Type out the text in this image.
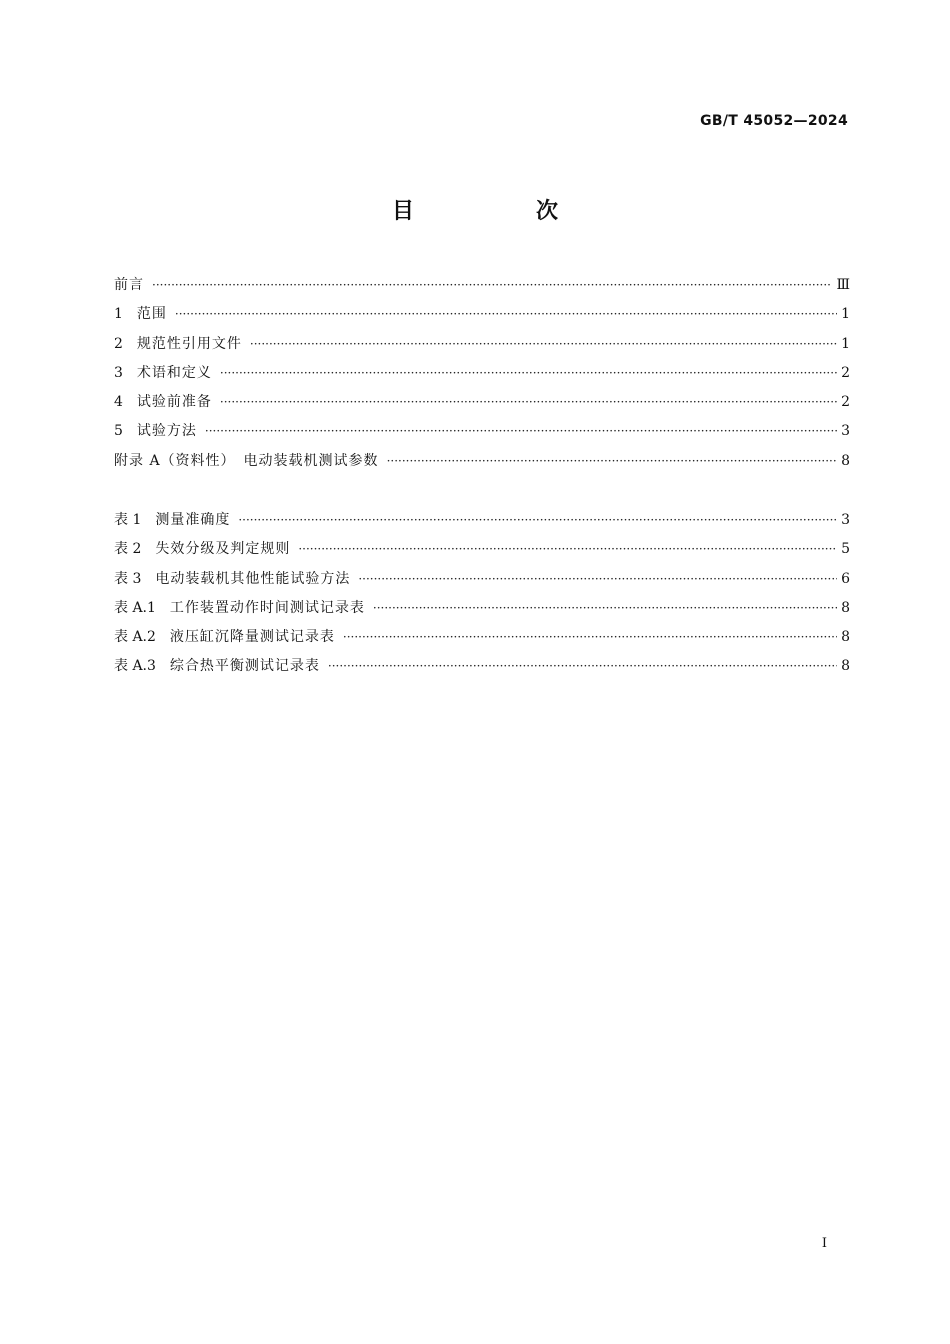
GB/T 45052—2024
目　次
前言 ·····	Ⅲ
1 范围 ·····	1
2 规范性引用文件 ·····	1
3 术语和定义 ·····	2
4 试验前准备 ·····	2
5 试验方法 ·····	3
附录 A（资料性）　电动装载机测试参数 ·····	8
表 1 测量准确度 ·····	3
表 2 失效分级及判定规则 ·····	5
表 3 电动装载机其他性能试验方法 ·····	6
表 A.1 工作装置动作时间测试记录表 ·····	8
表 A.2 液压缸沉降量测试记录表 ·····	8
表 A.3 综合热平衡测试记录表 ·····	8
I
